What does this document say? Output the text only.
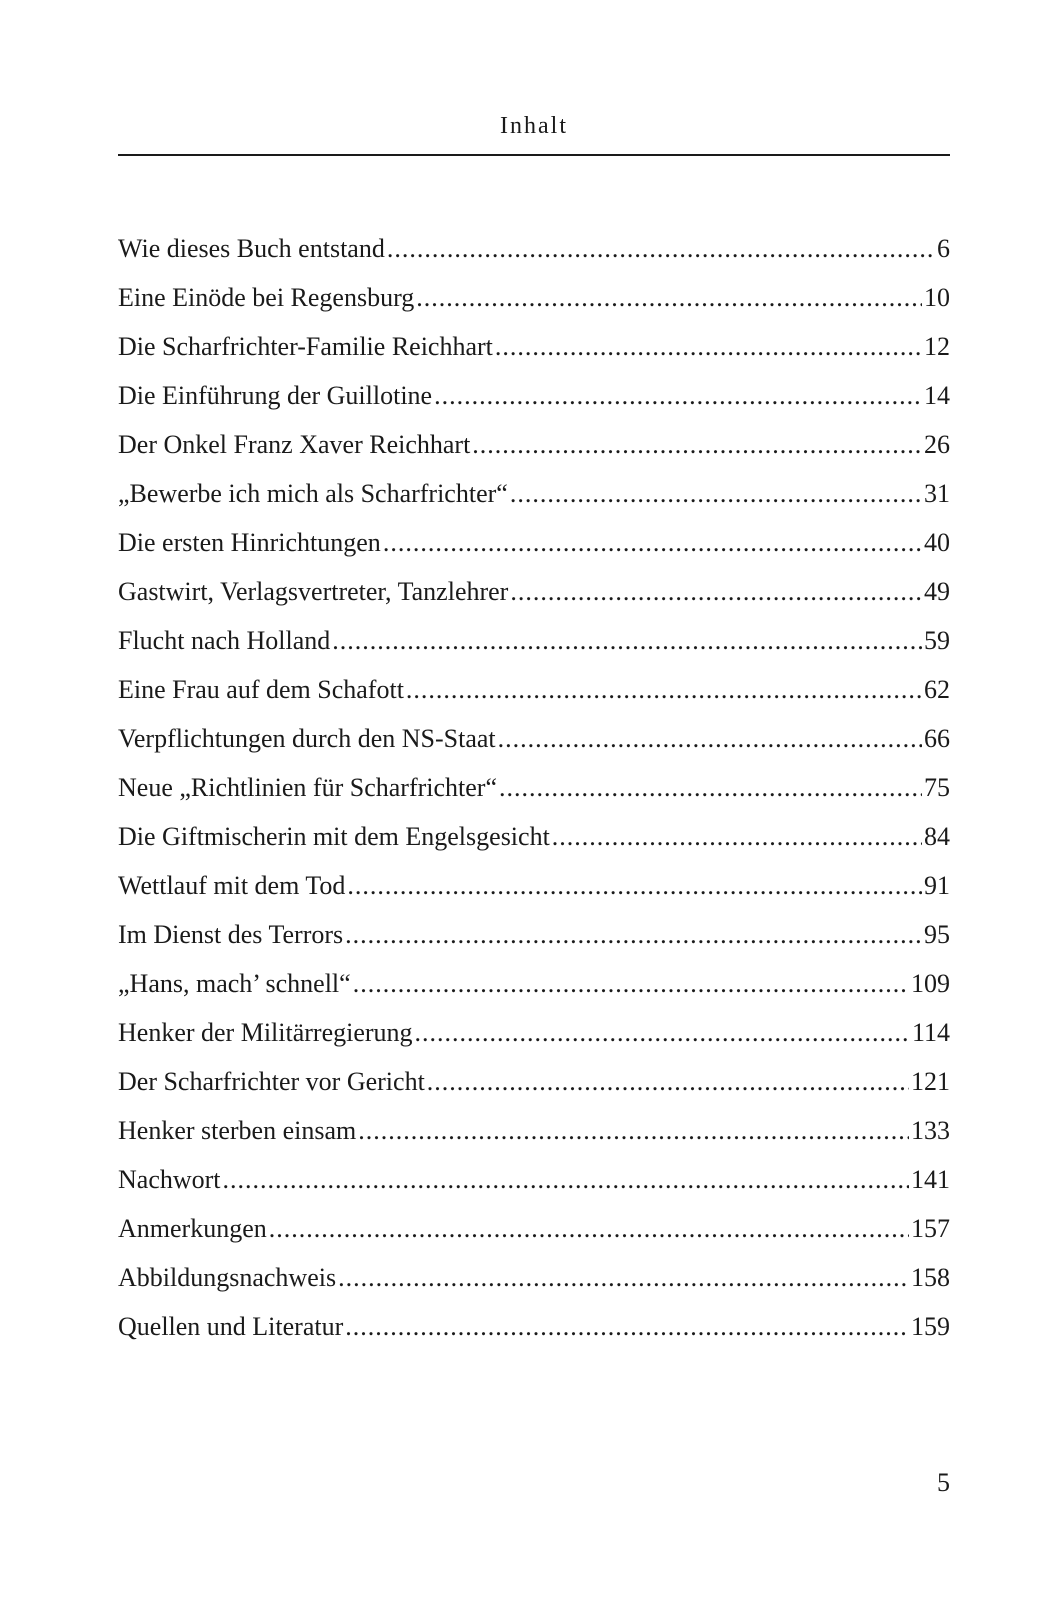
Inhalt
Wie dieses Buch entstand .....	6
Eine Einöde bei Regensburg .....	10
Die Scharfrichter-Familie Reichhart .....	12
Die Einführung der Guillotine .....	14
Der Onkel Franz Xaver Reichhart .....	26
„Bewerbe ich mich als Scharfrichter“ .....	31
Die ersten Hinrichtungen .....	40
Gastwirt, Verlagsvertreter, Tanzlehrer .....	49
Flucht nach Holland .....	59
Eine Frau auf dem Schafott .....	62
Verpflichtungen durch den NS-Staat .....	66
Neue „Richtlinien für Scharfrichter“ .....	75
Die Giftmischerin mit dem Engelsgesicht .....	84
Wettlauf mit dem Tod .....	91
Im Dienst des Terrors .....	95
„Hans, mach’ schnell“ .....	109
Henker der Militärregierung .....	114
Der Scharfrichter vor Gericht .....	121
Henker sterben einsam .....	133
Nachwort .....	141
Anmerkungen .....	157
Abbildungsnachweis .....	158
Quellen und Literatur .....	159
5
